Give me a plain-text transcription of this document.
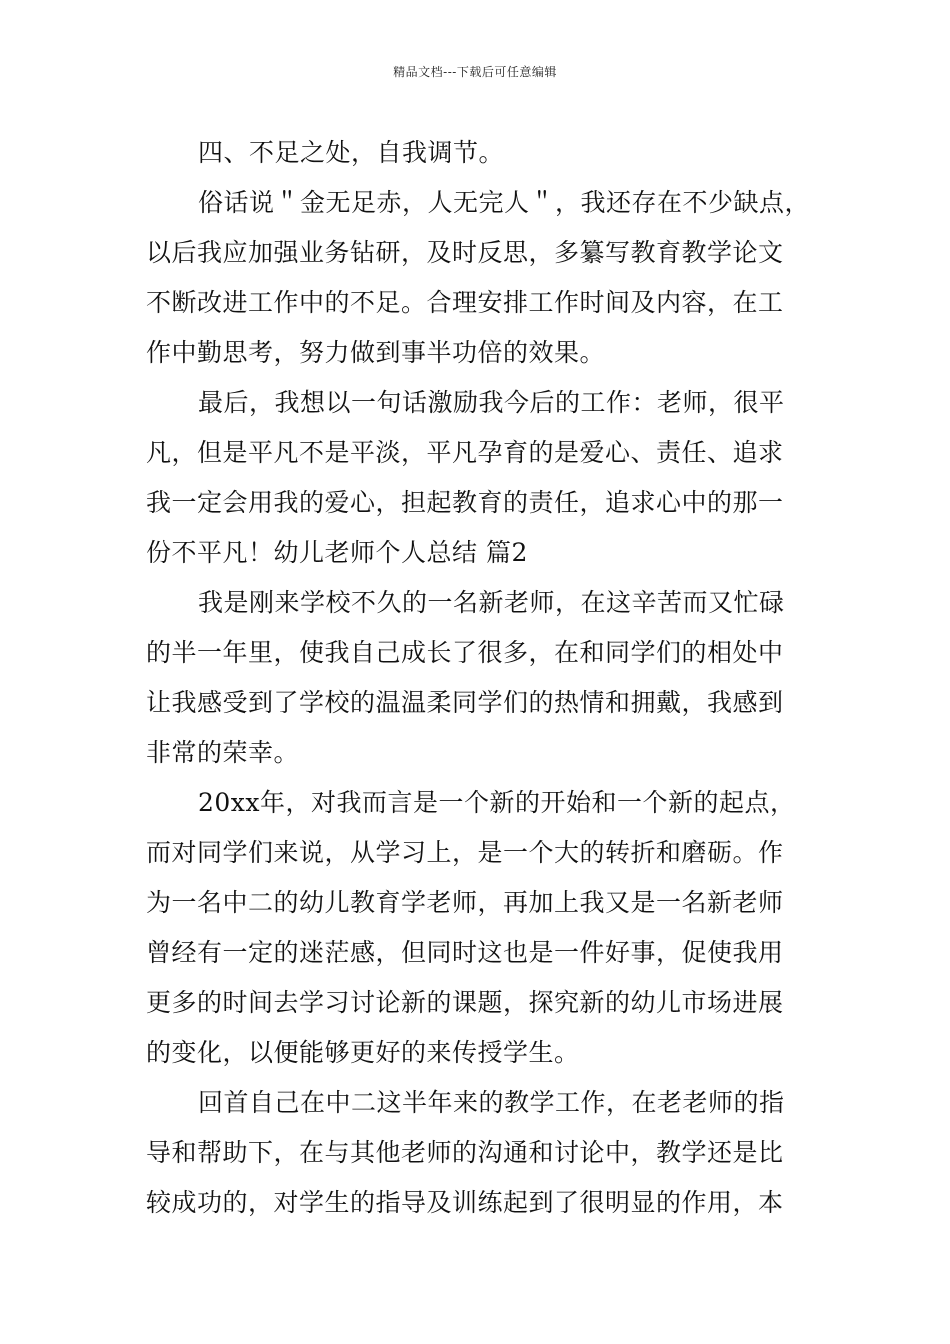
精品文档---下载后可任意编辑
四、不足之处，自我调节。
俗话说＂金无足赤，人无完人＂，我还存在不少缺点，
以后我应加强业务钻研，及时反思，多纂写教育教学论文
不断改进工作中的不足。合理安排工作时间及内容，在工
作中勤思考，努力做到事半功倍的效果。
最后，我想以一句话激励我今后的工作：老师，很平
凡，但是平凡不是平淡，平凡孕育的是爱心、责任、追求
我一定会用我的爱心，担起教育的责任，追求心中的那一
份不平凡！幼儿老师个人总结 篇2
我是刚来学校不久的一名新老师，在这辛苦而又忙碌
的半一年里，使我自己成长了很多，在和同学们的相处中
让我感受到了学校的温温柔同学们的热情和拥戴，我感到
非常的荣幸。
20xx年，对我而言是一个新的开始和一个新的起点，
而对同学们来说，从学习上，是一个大的转折和磨砺。作
为一名中二的幼儿教育学老师，再加上我又是一名新老师
曾经有一定的迷茫感，但同时这也是一件好事，促使我用
更多的时间去学习讨论新的课题，探究新的幼儿市场进展
的变化，以便能够更好的来传授学生。
回首自己在中二这半年来的教学工作，在老老师的指
导和帮助下，在与其他老师的沟通和讨论中，教学还是比
较成功的，对学生的指导及训练起到了很明显的作用，本
